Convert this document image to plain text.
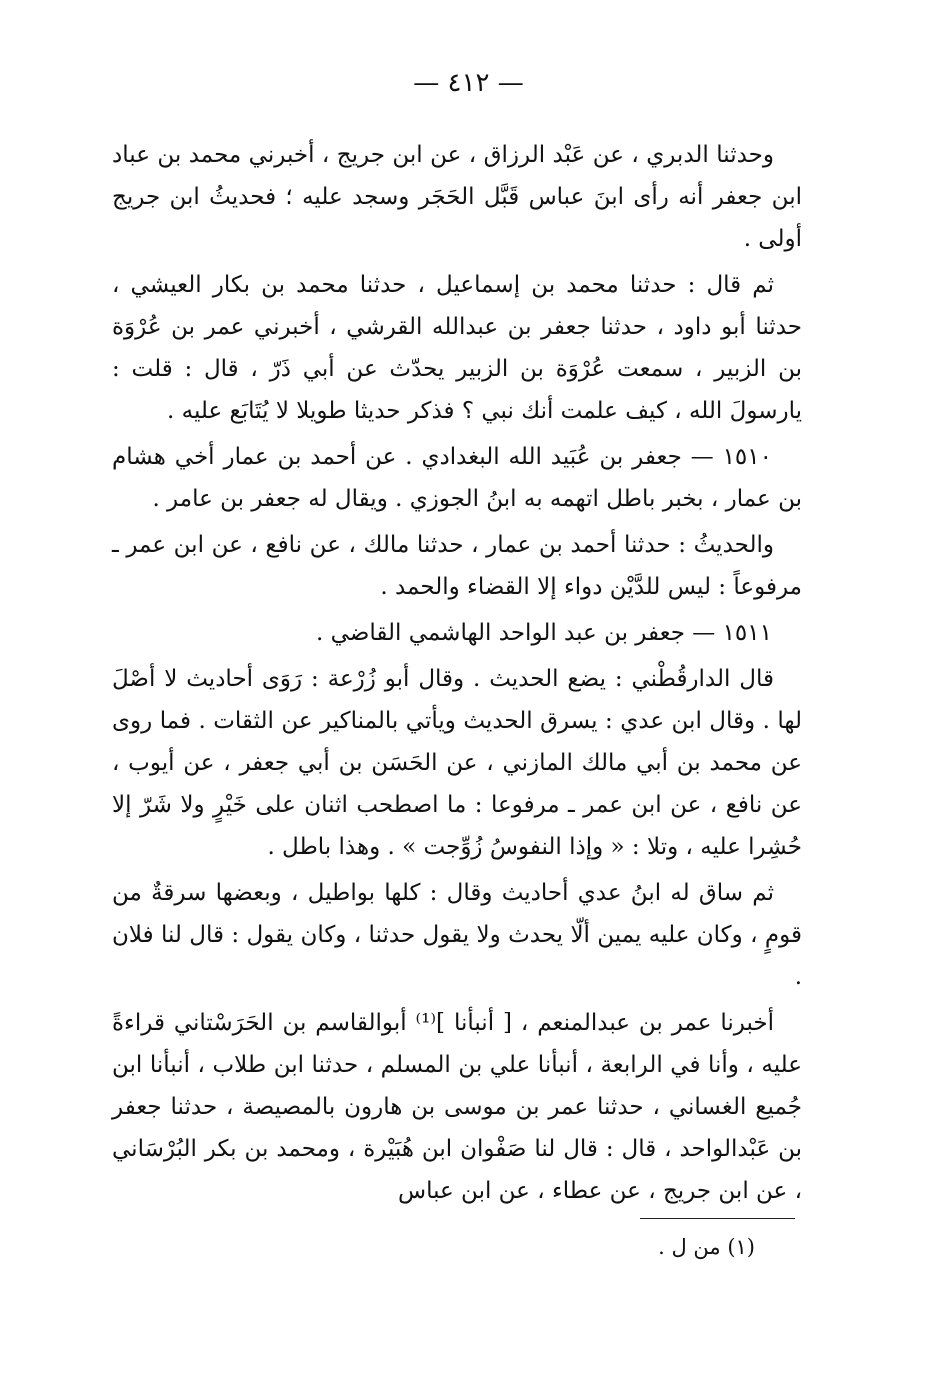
— ٤١٢ —

وحدثنا الدبري ، عن عَبْد الرزاق ، عن ابن جريج ، أخبرني محمد بن عباد ابن جعفر أنه رأى ابنَ عباس قَبَّل الحَجَر وسجد عليه ؛ فحديثُ ابن جريج أولى .

ثم قال : حدثنا محمد بن إسماعيل ، حدثنا محمد بن بكار العيشي ، حدثنا أبو داود ، حدثنا جعفر بن عبدالله القرشي ، أخبرني عمر بن عُرْوَة بن الزبير ، سمعت عُرْوَة بن الزبير يحدّث عن أبي ذَرّ ، قال : قلت : يارسولَ الله ، كيف علمت أنك نبي ؟ فذكر حديثا طويلا لا يُتَابَع عليه .

١٥١٠ — جعفر بن عُبَيد الله البغدادي . عن أحمد بن عمار أخي هشام بن عمار ، بخبر باطل اتهمه به ابنُ الجوزي . ويقال له جعفر بن عامر .

والحديثُ : حدثنا أحمد بن عمار ، حدثنا مالك ، عن نافع ، عن ابن عمر ـ مرفوعاً : ليس للدَّيْن دواء إلا القضاء والحمد .

١٥١١ — جعفر بن عبد الواحد الهاشمي القاضي .

قال الدارقُطْني : يضع الحديث . وقال أبو زُرْعة : رَوَى أحاديث لا أصْلَ لها . وقال ابن عدي : يسرق الحديث ويأتي بالمناكير عن الثقات . فما روى عن محمد بن أبي مالك المازني ، عن الحَسَن بن أبي جعفر ، عن أيوب ، عن نافع ، عن ابن عمر ـ مرفوعا : ما اصطحب اثنان على خَيْرٍ ولا شَرّ إلا حُشِرا عليه ، وتلا : « وإذا النفوسُ زُوِّجت » . وهذا باطل .

ثم ساق له ابنُ عدي أحاديث وقال : كلها بواطيل ، وبعضها سرقةٌ من قومٍ ، وكان عليه يمين ألّا يحدث ولا يقول حدثنا ، وكان يقول : قال لنا فلان .

أخبرنا عمر بن عبدالمنعم ، [ أنبأنا ]⁽¹⁾ أبوالقاسم بن الحَرَسْتاني قراءةً عليه ، وأنا في الرابعة ، أنبأنا علي بن المسلم ، حدثنا ابن طلاب ، أنبأنا ابن جُميع الغساني ، حدثنا عمر بن موسى بن هارون بالمصيصة ، حدثنا جعفر بن عَبْدالواحد ، قال : قال لنا صَفْوان ابن هُبَيْرة ، ومحمد بن بكر البُرْسَاني ، عن ابن جريج ، عن عطاء ، عن ابن عباس

(١) من ل .
